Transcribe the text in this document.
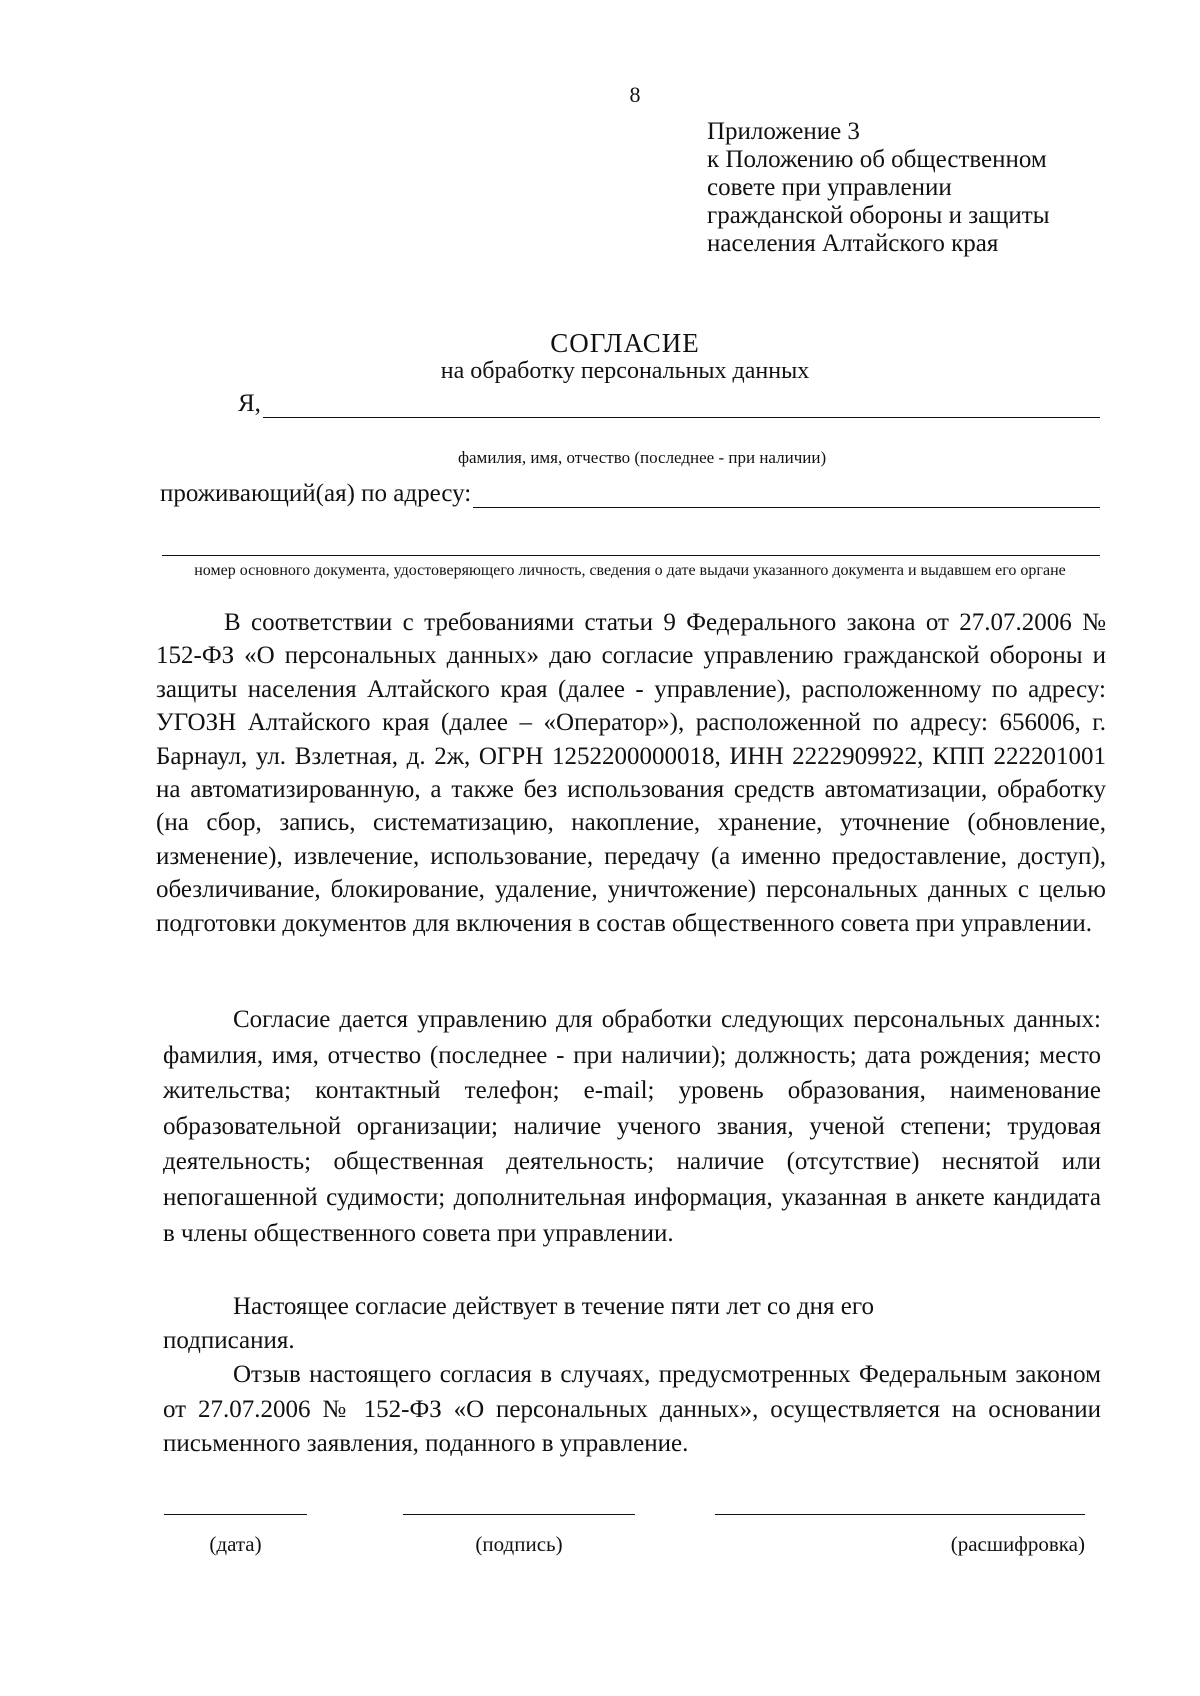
8
Приложение 3
к Положению об общественном
совете при управлении
гражданской обороны и защиты
населения Алтайского края
СОГЛАСИЕ
на обработку персональных данных
Я,
фамилия, имя, отчество (последнее - при наличии)
проживающий(ая) по адресу:
номер основного документа, удостоверяющего личность, сведения о дате выдачи указанного документа и выдавшем его органе
В соответствии с требованиями статьи 9 Федерального закона от 27.07.2006 № 152-ФЗ «О персональных данных» даю согласие управлению гражданской обороны и защиты населения Алтайского края (далее - управление), расположенному по адресу: УГОЗН Алтайского края (далее – «Оператор»), расположенной по адресу: 656006, г. Барнаул, ул. Взлетная, д. 2ж, ОГРН 1252200000018, ИНН 2222909922, КПП 222201001 на автоматизированную, а также без использования средств автоматизации, обработку (на сбор, запись, систематизацию, накопление, хранение, уточнение (обновление, изменение), извлечение, использование, передачу (а именно предоставление, доступ), обезличивание, блокирование, удаление, уничтожение) персональных данных с целью подготовки документов для включения в состав общественного совета при управлении.
Согласие дается управлению для обработки следующих персональных данных: фамилия, имя, отчество (последнее - при наличии); должность; дата рождения; место жительства; контактный телефон; e-mail; уровень образования, наименование образовательной организации; наличие ученого звания, ученой степени; трудовая деятельность; общественная деятельность; наличие (отсутствие) неснятой или непогашенной судимости; дополнительная информация, указанная в анкете кандидата в члены общественного совета при управлении.
Настоящее согласие действует в течение пяти лет со дня его подписания.
Отзыв настоящего согласия в случаях, предусмотренных Федеральным законом от 27.07.2006 № 152-ФЗ «О персональных данных», осуществляется на основании письменного заявления, поданного в управление.
(дата)	(подпись)	(расшифровка)
